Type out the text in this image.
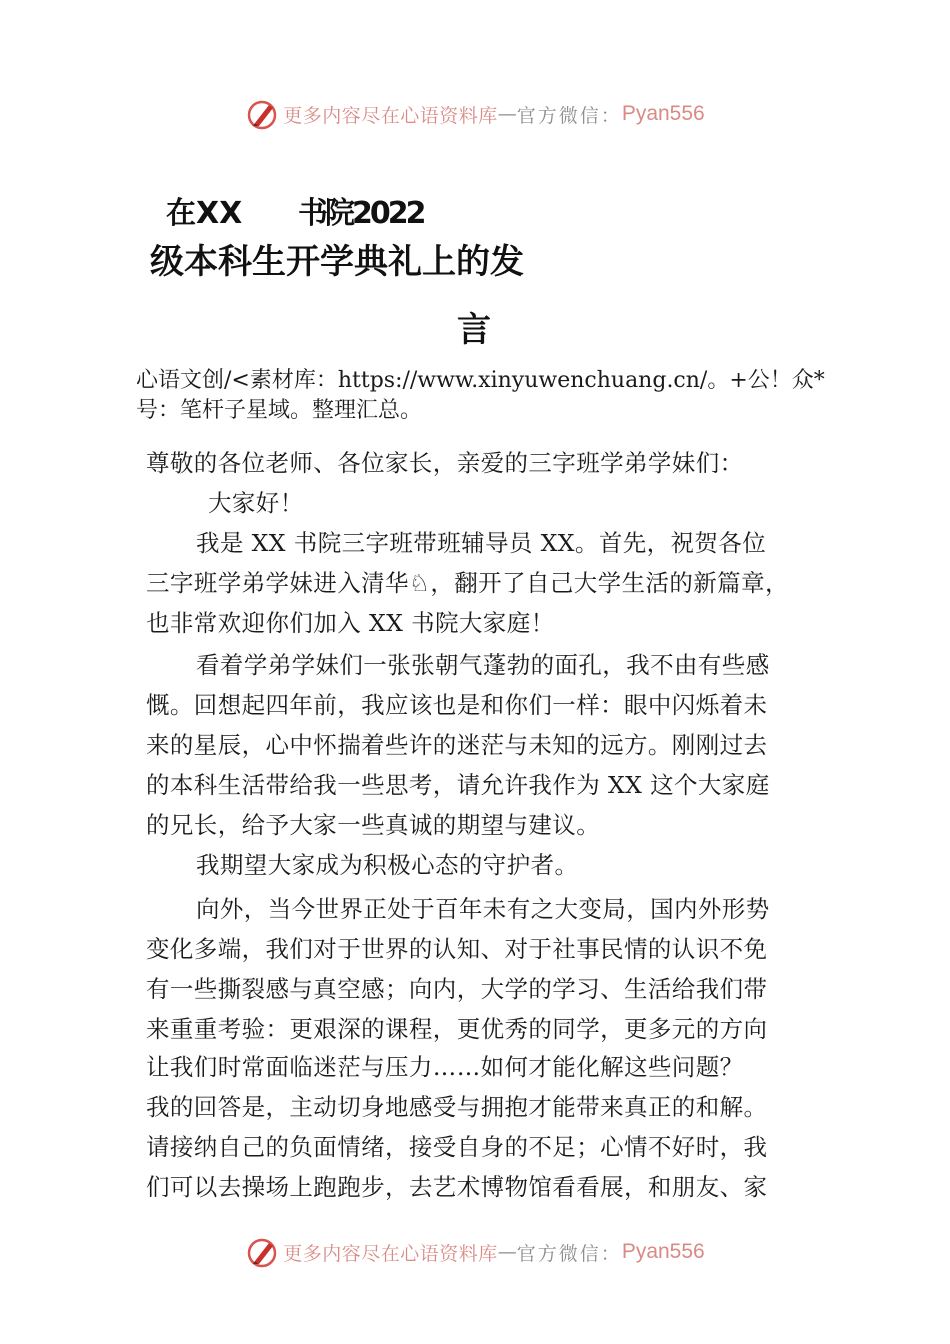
更多内容尽在心语资料库 — 官方微信： Pyan556
在XX 书院2022
级本科生开学典礼上的发
言
心语文创/<素材库：https://www.xinyuwenchuang.cn/。+公！众*号：笔杆子星域。整理汇总。
尊敬的各位老师、各位家长，亲爱的三字班学弟学妹们：
大家好！
我是 XX 书院三字班带班辅导员 XX。首先，祝贺各位
三字班学弟学妹进入清华♘，翻开了自己大学生活的新篇章，
也非常欢迎你们加入 XX 书院大家庭！
看着学弟学妹们一张张朝气蓬勃的面孔，我不由有些感
慨。回想起四年前，我应该也是和你们一样：眼中闪烁着未
来的星辰，心中怀揣着些许的迷茫与未知的远方。刚刚过去
的本科生活带给我一些思考，请允许我作为 XX 这个大家庭
的兄长，给予大家一些真诚的期望与建议。
我期望大家成为积极心态的守护者。
向外，当今世界正处于百年未有之大变局，国内外形势
变化多端，我们对于世界的认知、对于社事民情的认识不免
有一些撕裂感与真空感；向内，大学的学习、生活给我们带
来重重考验：更艰深的课程，更优秀的同学，更多元的方向
让我们时常面临迷茫与压力……如何才能化解这些问题？
我的回答是，主动切身地感受与拥抱才能带来真正的和解。
请接纳自己的负面情绪，接受自身的不足；心情不好时，我
们可以去操场上跑跑步，去艺术博物馆看看展，和朋友、家
更多内容尽在心语资料库 — 官方微信： Pyan556
